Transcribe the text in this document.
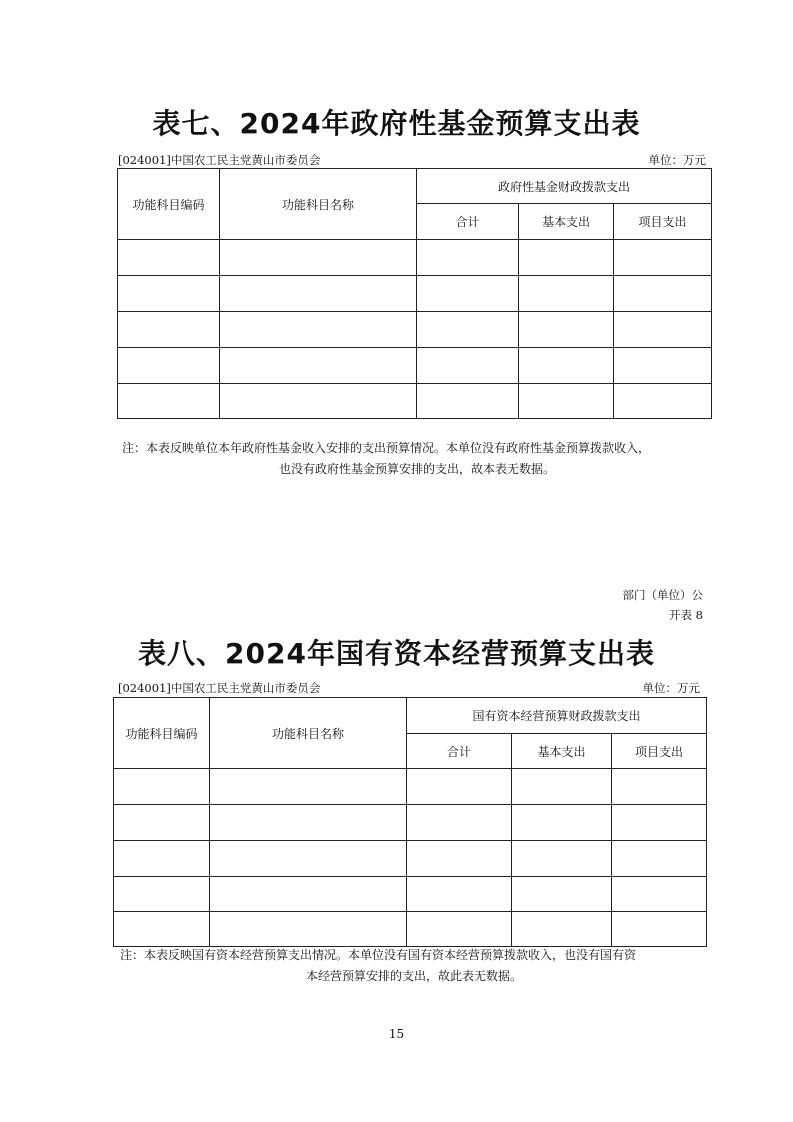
表七、2024年政府性基金预算支出表
[024001]中国农工民主党黄山市委员会	单位：万元
功能科目编码	功能科目名称	政府性基金财政拨款支出		
		合计	基本支出	项目支出

注：本表反映单位本年政府性基金收入安排的支出预算情况。本单位没有政府性基金预算拨款收入，
也没有政府性基金预算安排的支出，故本表无数据。
部门（单位）公
开表 8
表八、2024年国有资本经营预算支出表
[024001]中国农工民主党黄山市委员会	单位：万元
功能科目编码	功能科目名称	国有资本经营预算财政拨款支出		
		合计	基本支出	项目支出

注：本表反映国有资本经营预算支出情况。本单位没有国有资本经营预算拨款收入，也没有国有资
本经营预算安排的支出，故此表无数据。
15
